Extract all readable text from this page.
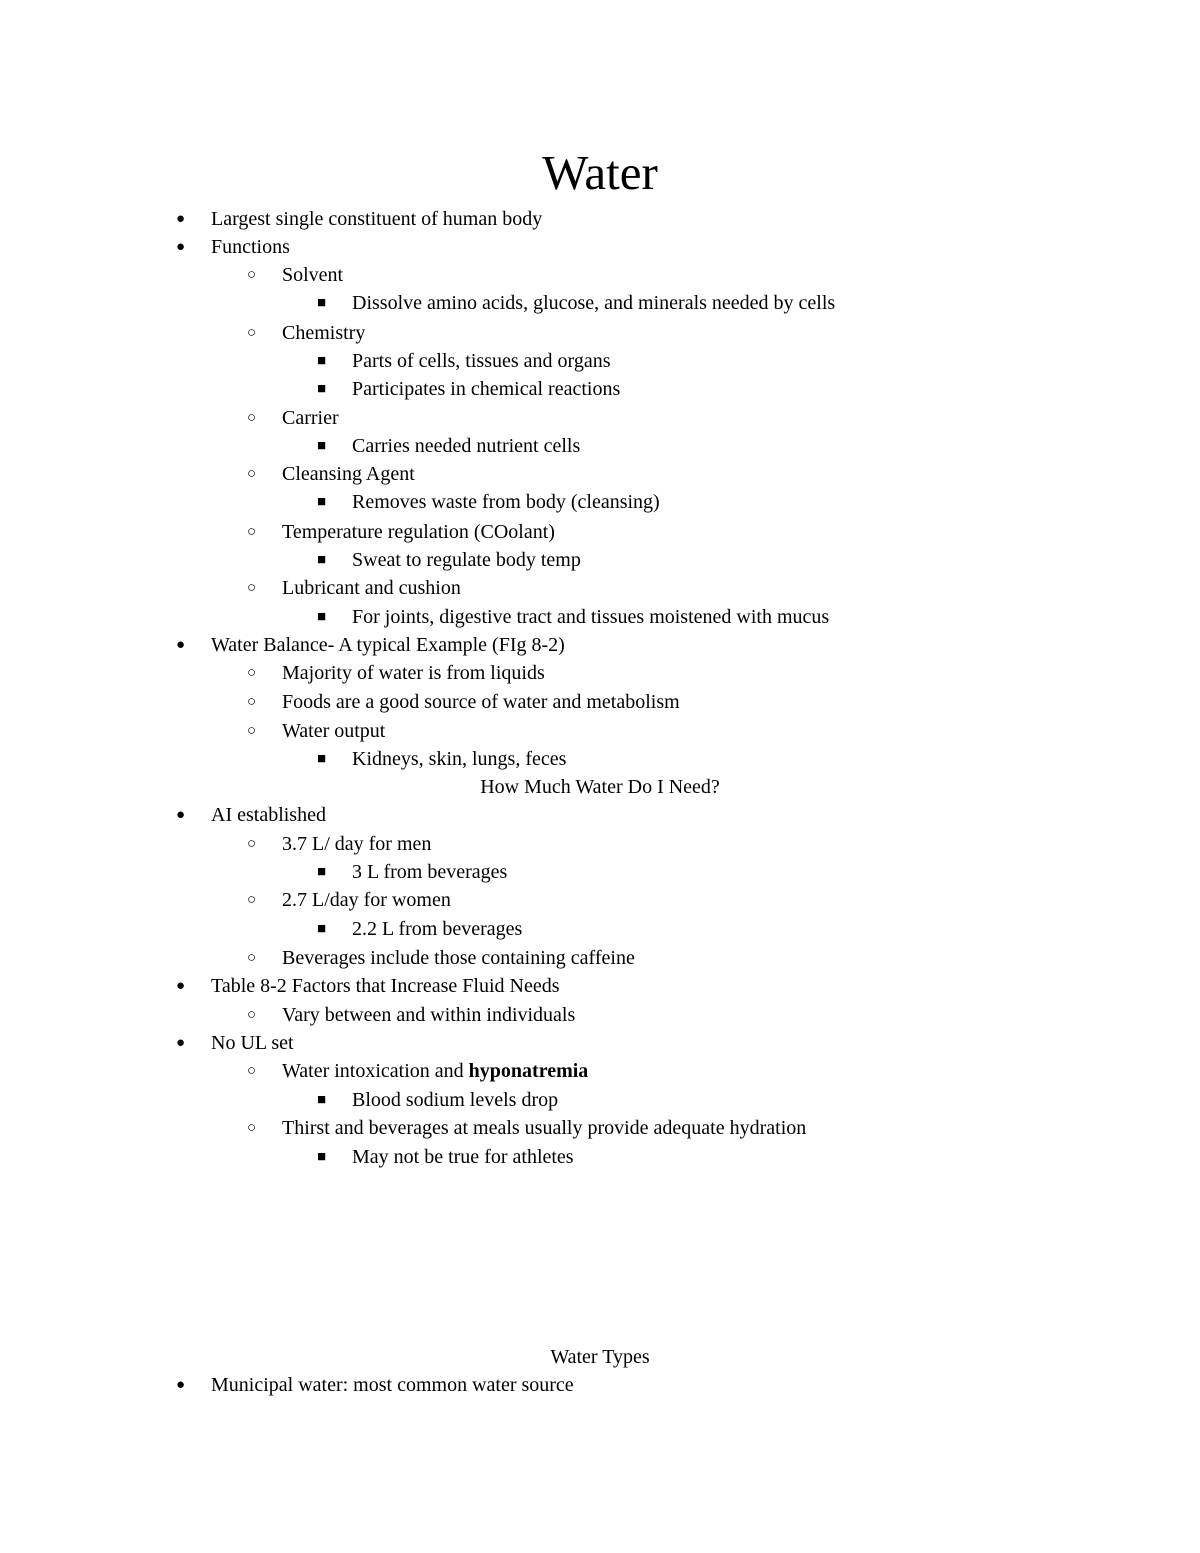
Water
● Largest single constituent of human body
● Functions
○ Solvent
■ Dissolve amino acids, glucose, and minerals needed by cells
○ Chemistry
■ Parts of cells, tissues and organs
■ Participates in chemical reactions
○ Carrier
■ Carries needed nutrient cells
○ Cleansing Agent
■ Removes waste from body (cleansing)
○ Temperature regulation (COolant)
■ Sweat to regulate body temp
○ Lubricant and cushion
■ For joints, digestive tract and tissues moistened with mucus
● Water Balance- A typical Example (FIg 8-2)
○ Majority of water is from liquids
○ Foods are a good source of water and metabolism
○ Water output
■ Kidneys, skin, lungs, feces
How Much Water Do I Need?
● AI established
○ 3.7 L/ day for men
■ 3 L from beverages
○ 2.7 L/day for women
■ 2.2 L from beverages
○ Beverages include those containing caffeine
● Table 8-2 Factors that Increase Fluid Needs
○ Vary between and within individuals
● No UL set
○ Water intoxication and hyponatremia
■ Blood sodium levels drop
○ Thirst and beverages at meals usually provide adequate hydration
■ May not be true for athletes
Water Types
● Municipal water: most common water source
